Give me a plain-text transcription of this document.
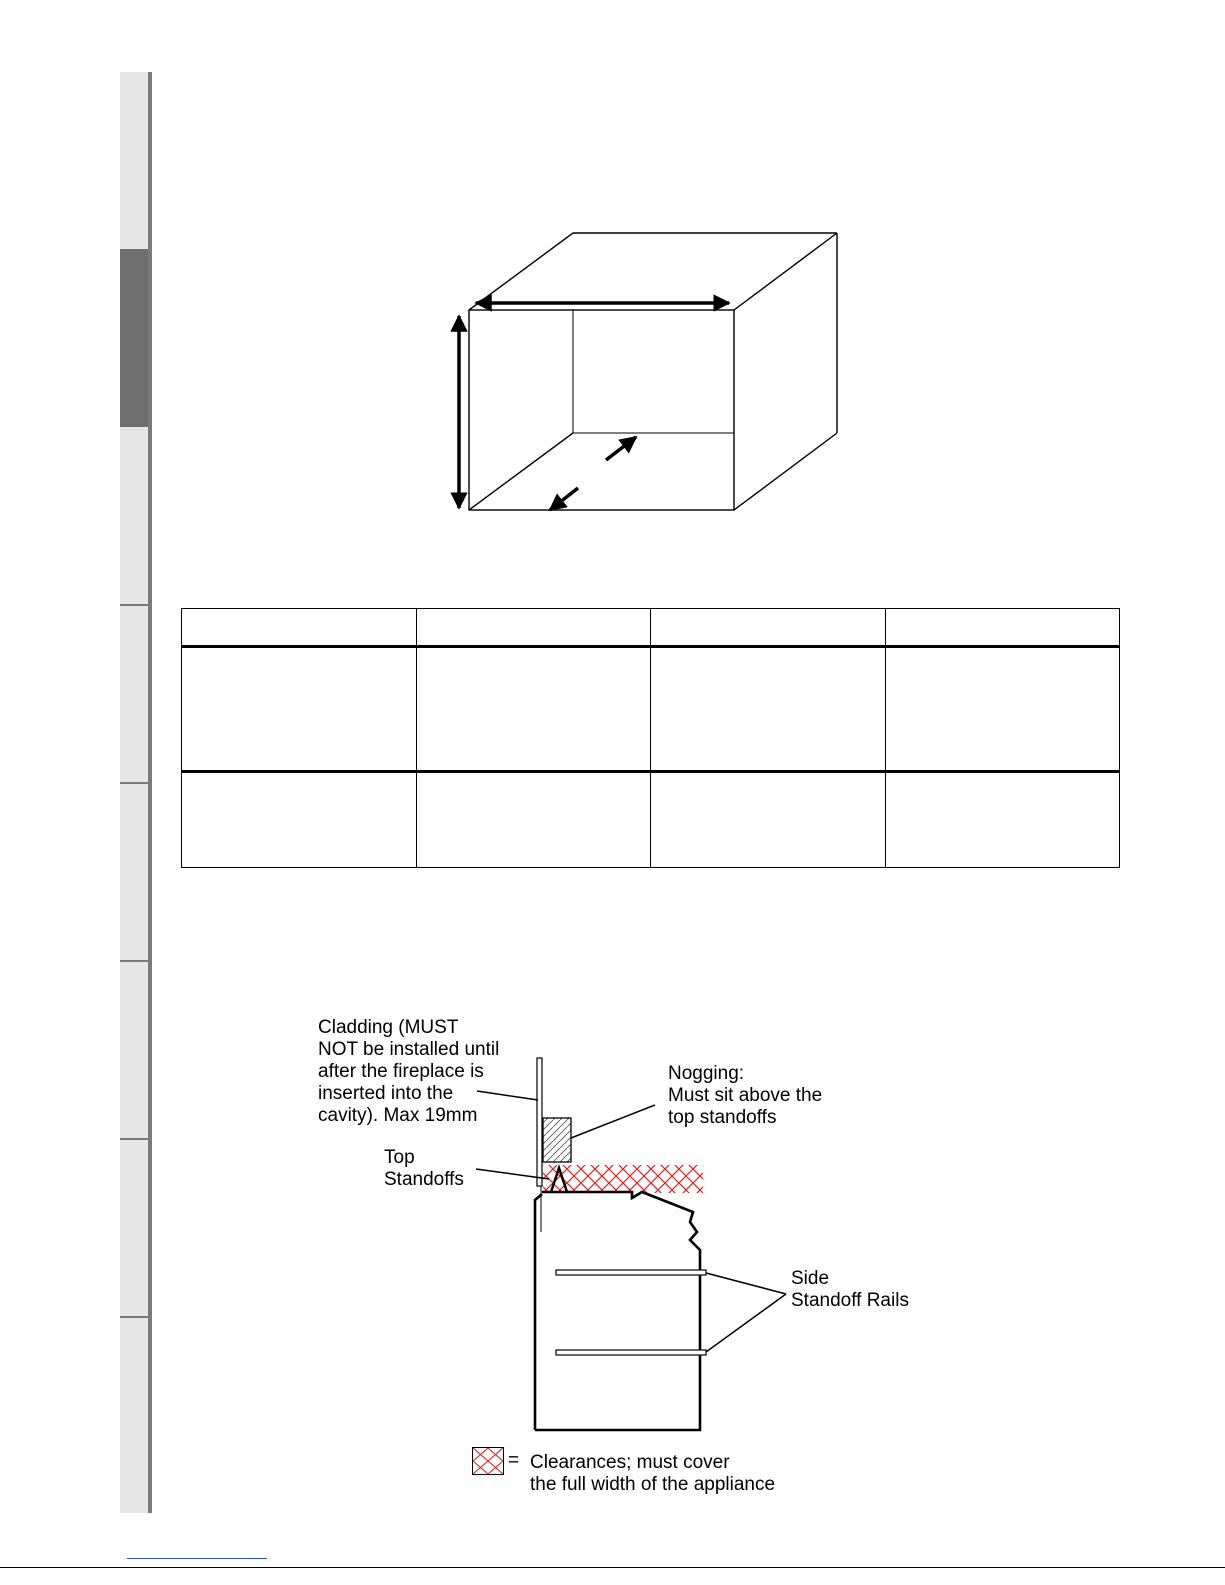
Cladding (MUST
NOT be installed until
after the fireplace is
inserted into the
cavity). Max 19mm

Nogging:
Must sit above the
top standoffs

Top
Standoffs

Side
Standoff Rails

= Clearances; must cover
the full width of the appliance
